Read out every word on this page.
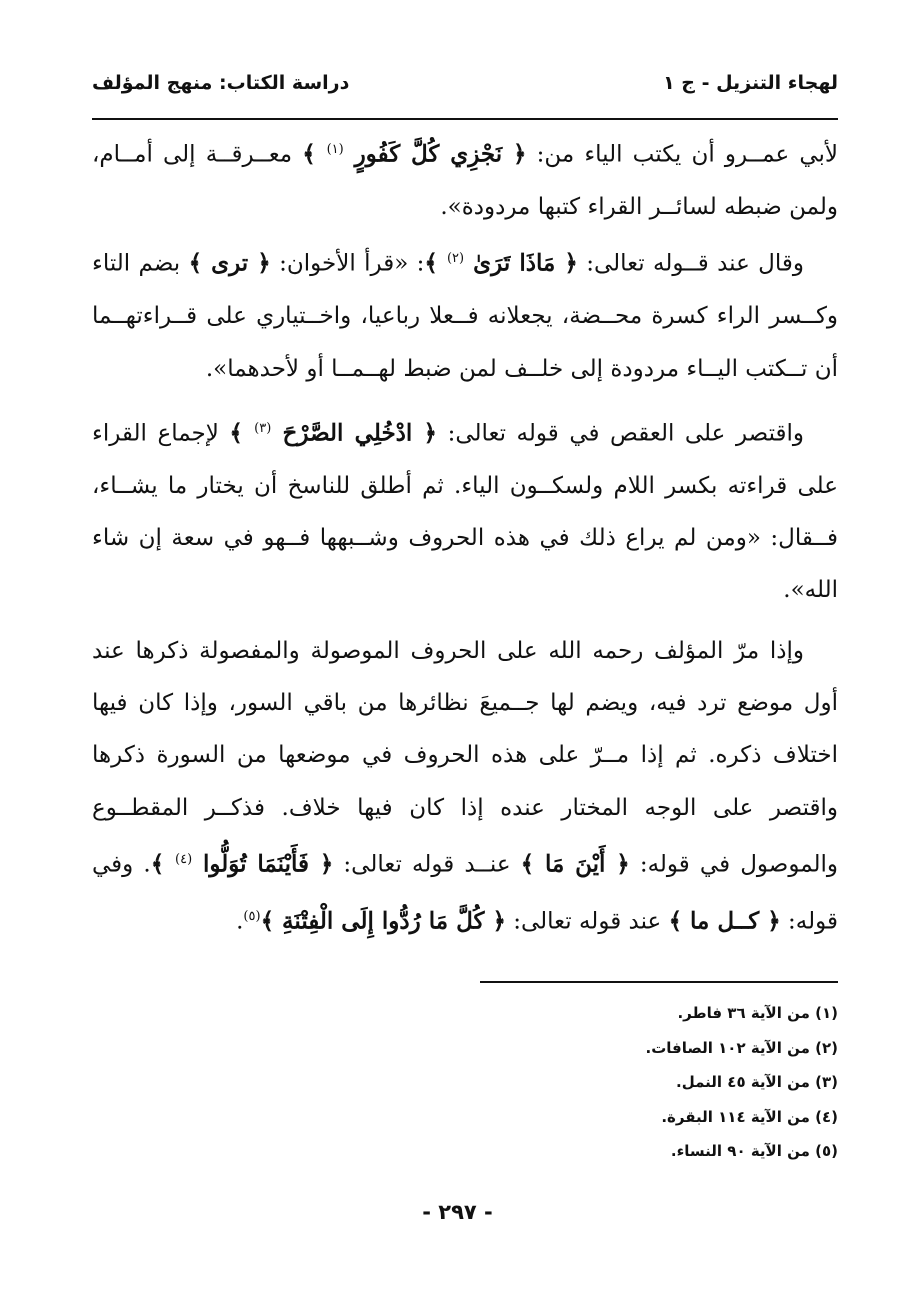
لهجاء التنزيل - ج ١
دراسة الكتاب: منهج المؤلف

لأبي عمــرو أن يكتب الياء من: ﴿ نَجْزِي كُلَّ كَفُورٍ $^{(١)}$ ﴾ معــرقــة إلى أمــام، ولمن ضبطه لسائــر القراء كتبها مردودة».

وقال عند قــوله تعالى: ﴿ مَاذَا تَرَىٰ $^{(٢)}$ ﴾: «قرأ الأخوان: ﴿ ترى ﴾ بضم التاء وكــسر الراء كسرة محــضة، يجعلانه فــعلا رباعيا، واخــتياري على قــراءتهــما أن تــكتب اليــاء مردودة إلى خلــف لمن ضبط لهــمــا أو لأحدهما».

واقتصر على العقص في قوله تعالى: ﴿ ادْخُلِي الصَّرْحَ $^{(٣)}$ ﴾ لإجماع القراء على قراءته بكسر اللام ولسكــون الياء. ثم أطلق للناسخ أن يختار ما يشــاء، فــقال: «ومن لم يراع ذلك في هذه الحروف وشــبهها فــهو في سعة إن شاء الله».

وإذا مرّ المؤلف رحمه الله على الحروف الموصولة والمفصولة ذكرها عند أول موضع ترد فيه، ويضم لها جــميعَ نظائرها من باقي السور، وإذا كان فيها اختلاف ذكره. ثم إذا مــرّ على هذه الحروف في موضعها من السورة ذكرها واقتصر على الوجه المختار عنده إذا كان فيها خلاف. فذكــر المقطــوع والموصول في قوله: ﴿ أَيْنَ مَا ﴾ عنــد قوله تعالى: ﴿ فَأَيْنَمَا تُوَلُّوا $^{(٤)}$ ﴾. وفي قوله: ﴿ كــل ما ﴾ عند قوله تعالى: ﴿ كُلَّ مَا رُدُّوا إِلَى الْفِتْنَةِ ﴾$^{(٥)}$.

(١) من الآية ٣٦ فاطر.
(٢) من الآية ١٠٢ الصافات.
(٣) من الآية ٤٥ النمل.
(٤) من الآية ١١٤ البقرة.
(٥) من الآية ٩٠ النساء.
- ٢٩٧ -
